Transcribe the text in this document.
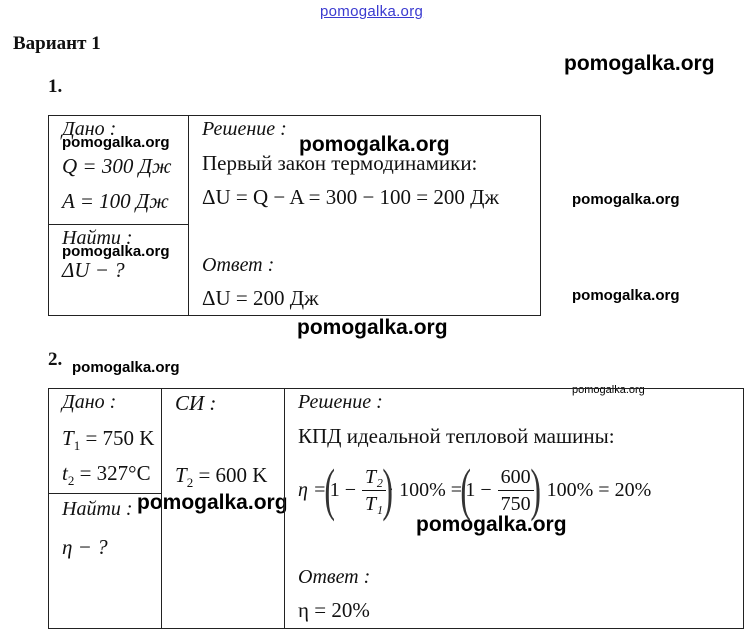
pomogalka.org
pomogalka.org
pomogalka.org
pomogalka.org
pomogalka.org
pomogalka.org
pomogalka.org
pomogalka.org
pomogalka.org
pomogalka.org
Вариант 1
1.
Дано :
pomogalka.org
Q = 300 Дж
A = 100 Дж
Найти :
pomogalka.org
ΔU − ?
Решение :
Первый закон термодинамики:
ΔU = Q − A = 300 − 100 = 200 Дж
Ответ :
ΔU = 200 Дж
2.
Дано :
$T_1 = 750$ K
$t_2 = 327^\circ C$
Найти :
η − ?
СИ :
$T_2 = 600$ K
Решение :
КПД идеальной тепловой машины:
η =
(
$1 - \frac{\text{T₂}}{\text{T₁}}$
)
· 100% =
(
$1 - \frac{600}{750}$
)
· 100% = 20%
Ответ :
η = 20%
